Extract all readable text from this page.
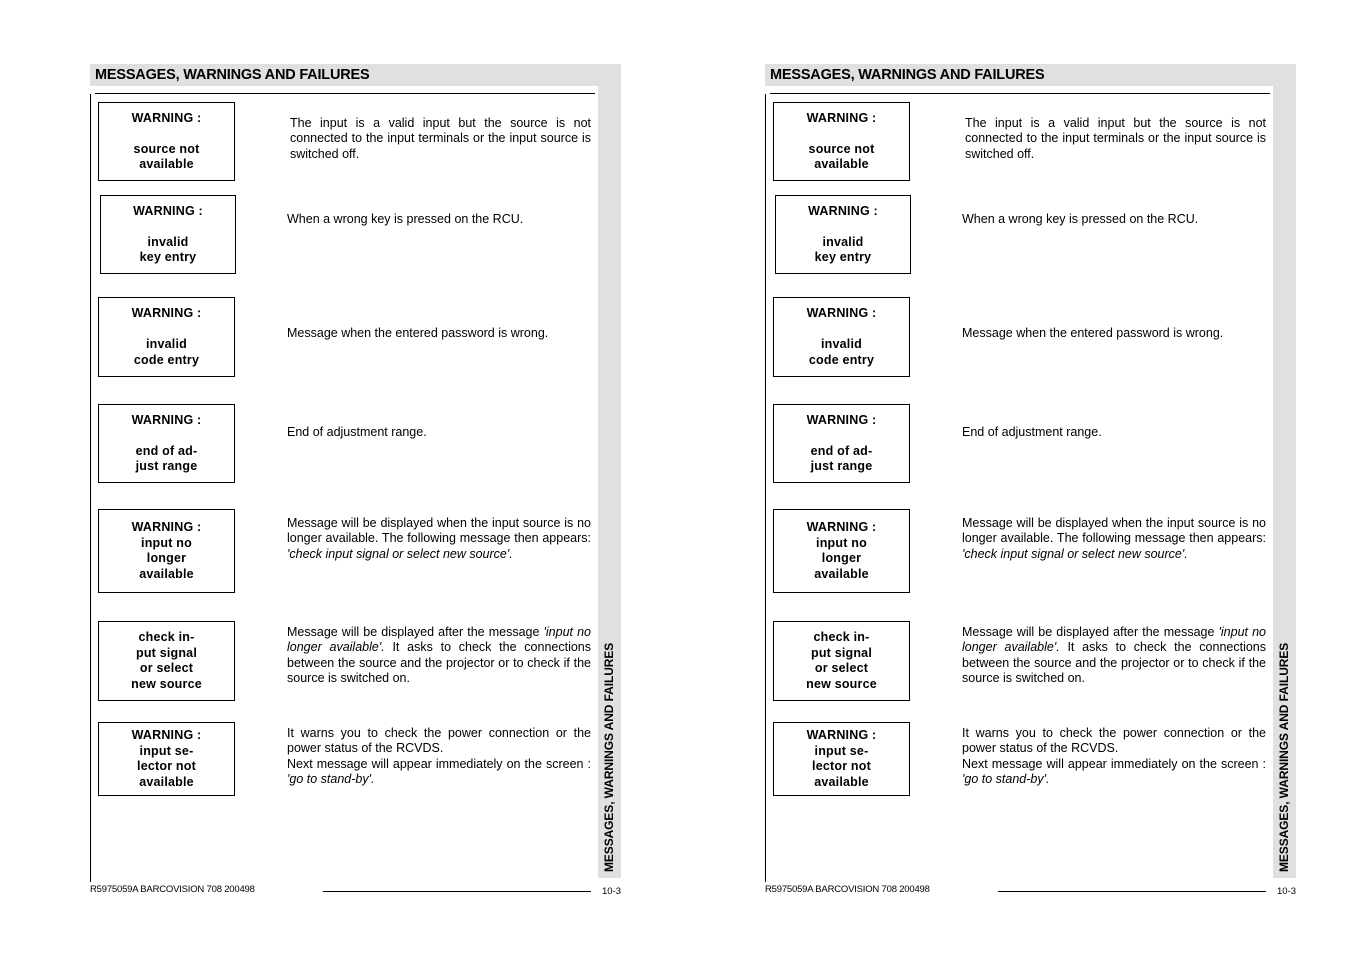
MESSAGES, WARNINGS AND FAILURES
MESSAGES, WARNINGS AND FAILURES
R5975059A BARCOVISION 708 200498	10-3
WARNING :

source not
available
The input is a valid input but the source is not connected to the input terminals or the input source is switched off.
WARNING :

invalid
key entry
When a wrong key is pressed on the RCU.
WARNING :

invalid
code entry
Message when the entered password is wrong.
WARNING :

end of ad-
just range
End of adjustment range.
WARNING :
input no
longer
available
Message will be displayed when the input source is no longer available. The following message then appears: 'check input signal or select new source'.
check in-
put signal
or select
new source
Message will be displayed after the message 'input no longer available'. It asks to check the connections between the source and the projector or to check if the source is switched on.
WARNING :
input se-
lector not
available
It warns you to check the power connection or the power status of the RCVDS.
Next message will appear immediately on the screen : 'go to stand-by'.
MESSAGES, WARNINGS AND FAILURES
MESSAGES, WARNINGS AND FAILURES
R5975059A BARCOVISION 708 200498	10-3
WARNING :

source not
available
The input is a valid input but the source is not connected to the input terminals or the input source is switched off.
WARNING :

invalid
key entry
When a wrong key is pressed on the RCU.
WARNING :

invalid
code entry
Message when the entered password is wrong.
WARNING :

end of ad-
just range
End of adjustment range.
WARNING :
input no
longer
available
Message will be displayed when the input source is no longer available. The following message then appears: 'check input signal or select new source'.
check in-
put signal
or select
new source
Message will be displayed after the message 'input no longer available'. It asks to check the connections between the source and the projector or to check if the source is switched on.
WARNING :
input se-
lector not
available
It warns you to check the power connection or the power status of the RCVDS.
Next message will appear immediately on the screen : 'go to stand-by'.
